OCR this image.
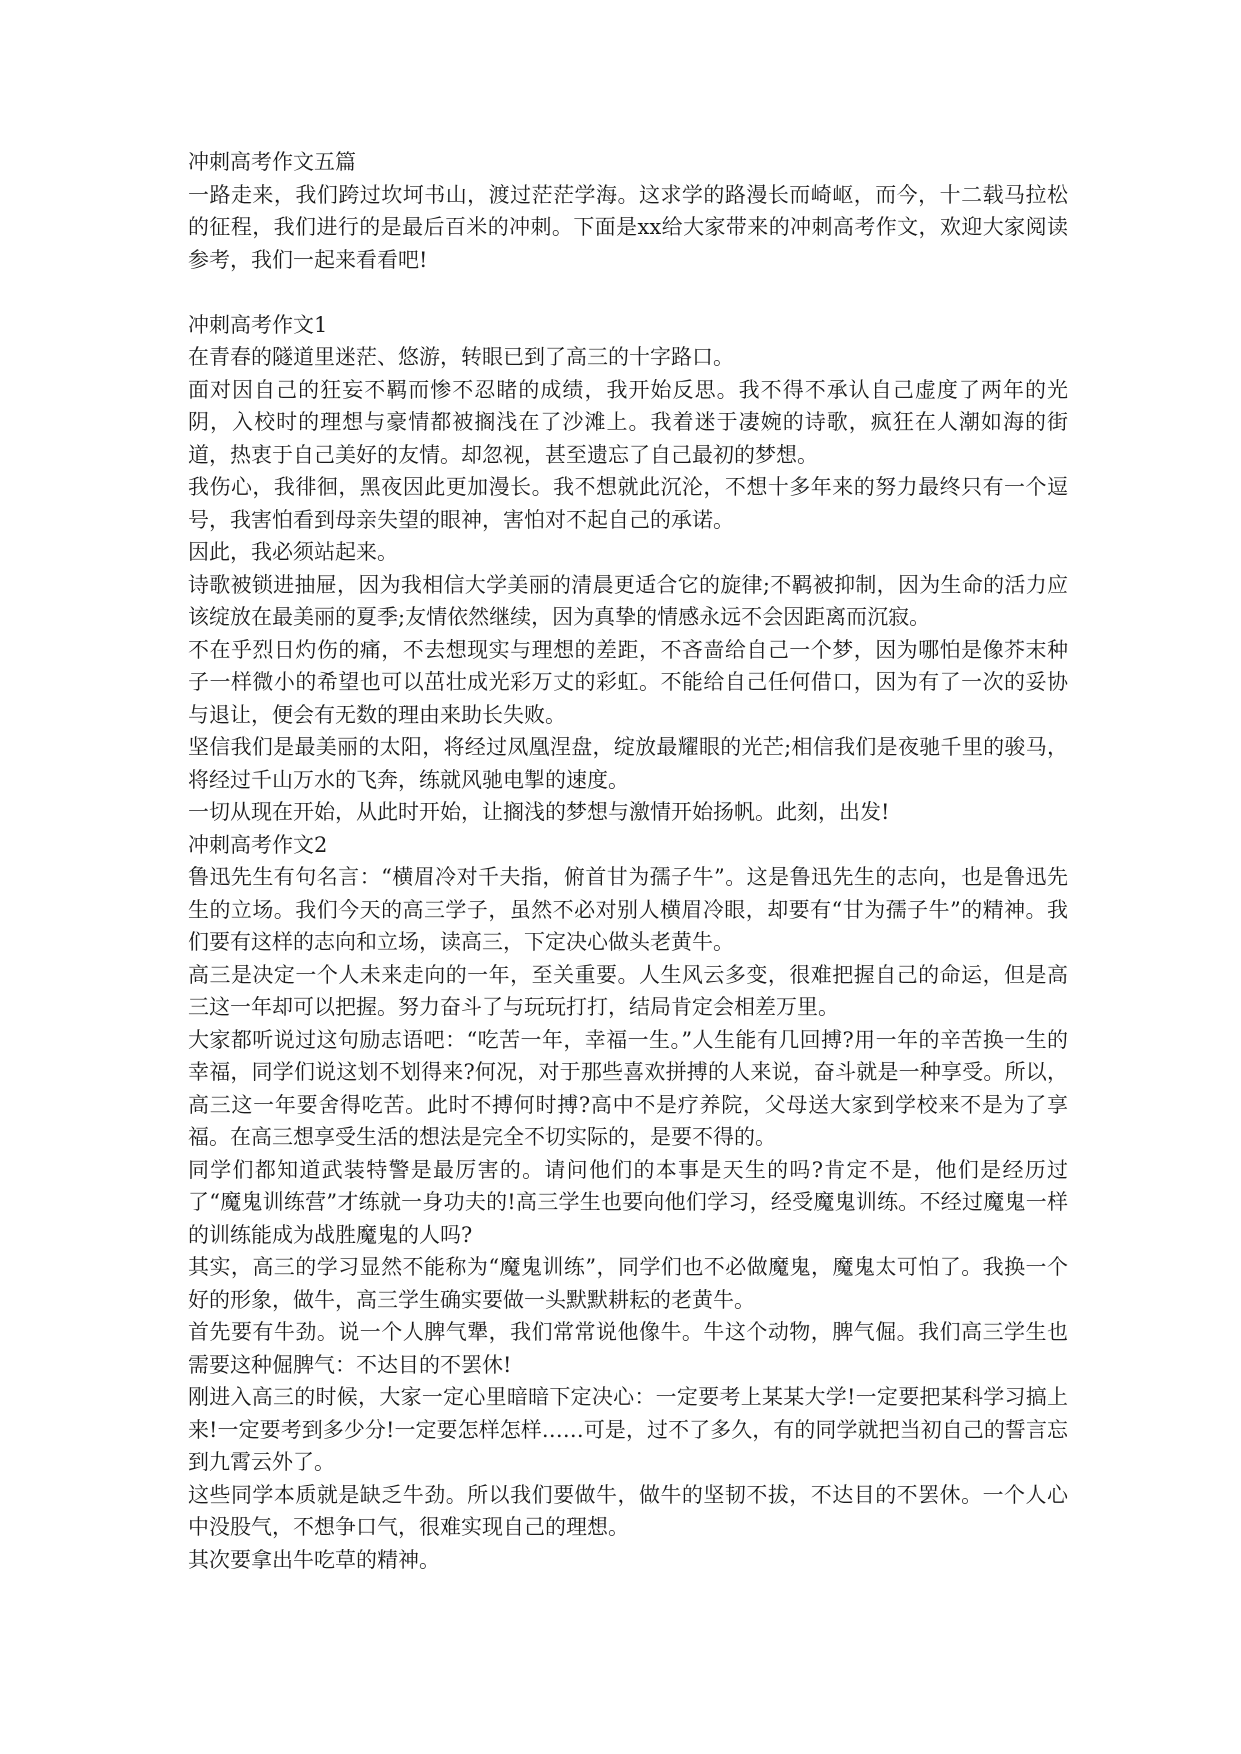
冲刺高考作文五篇

一路走来，我们跨过坎坷书山，渡过茫茫学海。这求学的路漫长而崎岖，而今，十二载马拉松的征程，我们进行的是最后百米的冲刺。下面是xx给大家带来的冲刺高考作文，欢迎大家阅读参考，我们一起来看看吧!

冲刺高考作文1

在青春的隧道里迷茫、悠游，转眼已到了高三的十字路口。

面对因自己的狂妄不羁而惨不忍睹的成绩，我开始反思。我不得不承认自己虚度了两年的光阴，入校时的理想与豪情都被搁浅在了沙滩上。我着迷于凄婉的诗歌，疯狂在人潮如海的街道，热衷于自己美好的友情。却忽视，甚至遗忘了自己最初的梦想。

我伤心，我徘徊，黑夜因此更加漫长。我不想就此沉沦，不想十多年来的努力最终只有一个逗号，我害怕看到母亲失望的眼神，害怕对不起自己的承诺。

因此，我必须站起来。

诗歌被锁进抽屉，因为我相信大学美丽的清晨更适合它的旋律;不羁被抑制，因为生命的活力应该绽放在最美丽的夏季;友情依然继续，因为真挚的情感永远不会因距离而沉寂。

不在乎烈日灼伤的痛，不去想现实与理想的差距，不吝啬给自己一个梦，因为哪怕是像芥末种子一样微小的希望也可以茁壮成光彩万丈的彩虹。不能给自己任何借口，因为有了一次的妥协与退让，便会有无数的理由来助长失败。

坚信我们是最美丽的太阳，将经过凤凰涅盘，绽放最耀眼的光芒;相信我们是夜驰千里的骏马，将经过千山万水的飞奔，练就风驰电掣的速度。

一切从现在开始，从此时开始，让搁浅的梦想与激情开始扬帆。此刻，出发!

冲刺高考作文2

鲁迅先生有句名言：“横眉冷对千夫指，俯首甘为孺子牛”。这是鲁迅先生的志向，也是鲁迅先生的立场。我们今天的高三学子，虽然不必对别人横眉冷眼，却要有“甘为孺子牛”的精神。我们要有这样的志向和立场，读高三，下定决心做头老黄牛。

高三是决定一个人未来走向的一年，至关重要。人生风云多变，很难把握自己的命运，但是高三这一年却可以把握。努力奋斗了与玩玩打打，结局肯定会相差万里。

大家都听说过这句励志语吧：“吃苦一年，幸福一生。”人生能有几回搏?用一年的辛苦换一生的幸福，同学们说这划不划得来?何况，对于那些喜欢拼搏的人来说，奋斗就是一种享受。所以，高三这一年要舍得吃苦。此时不搏何时搏?高中不是疗养院，父母送大家到学校来不是为了享福。在高三想享受生活的想法是完全不切实际的，是要不得的。

同学们都知道武装特警是最厉害的。请问他们的本事是天生的吗?肯定不是，他们是经历过了“魔鬼训练营”才练就一身功夫的!高三学生也要向他们学习，经受魔鬼训练。不经过魔鬼一样的训练能成为战胜魔鬼的人吗?

其实，高三的学习显然不能称为“魔鬼训练”，同学们也不必做魔鬼，魔鬼太可怕了。我换一个好的形象，做牛，高三学生确实要做一头默默耕耘的老黄牛。

首先要有牛劲。说一个人脾气犟，我们常常说他像牛。牛这个动物，脾气倔。我们高三学生也需要这种倔脾气：不达目的不罢休!

刚进入高三的时候，大家一定心里暗暗下定决心：一定要考上某某大学!一定要把某科学习搞上来!一定要考到多少分!一定要怎样怎样……可是，过不了多久，有的同学就把当初自己的誓言忘到九霄云外了。

这些同学本质就是缺乏牛劲。所以我们要做牛，做牛的坚韧不拔，不达目的不罢休。一个人心中没股气，不想争口气，很难实现自己的理想。

其次要拿出牛吃草的精神。
